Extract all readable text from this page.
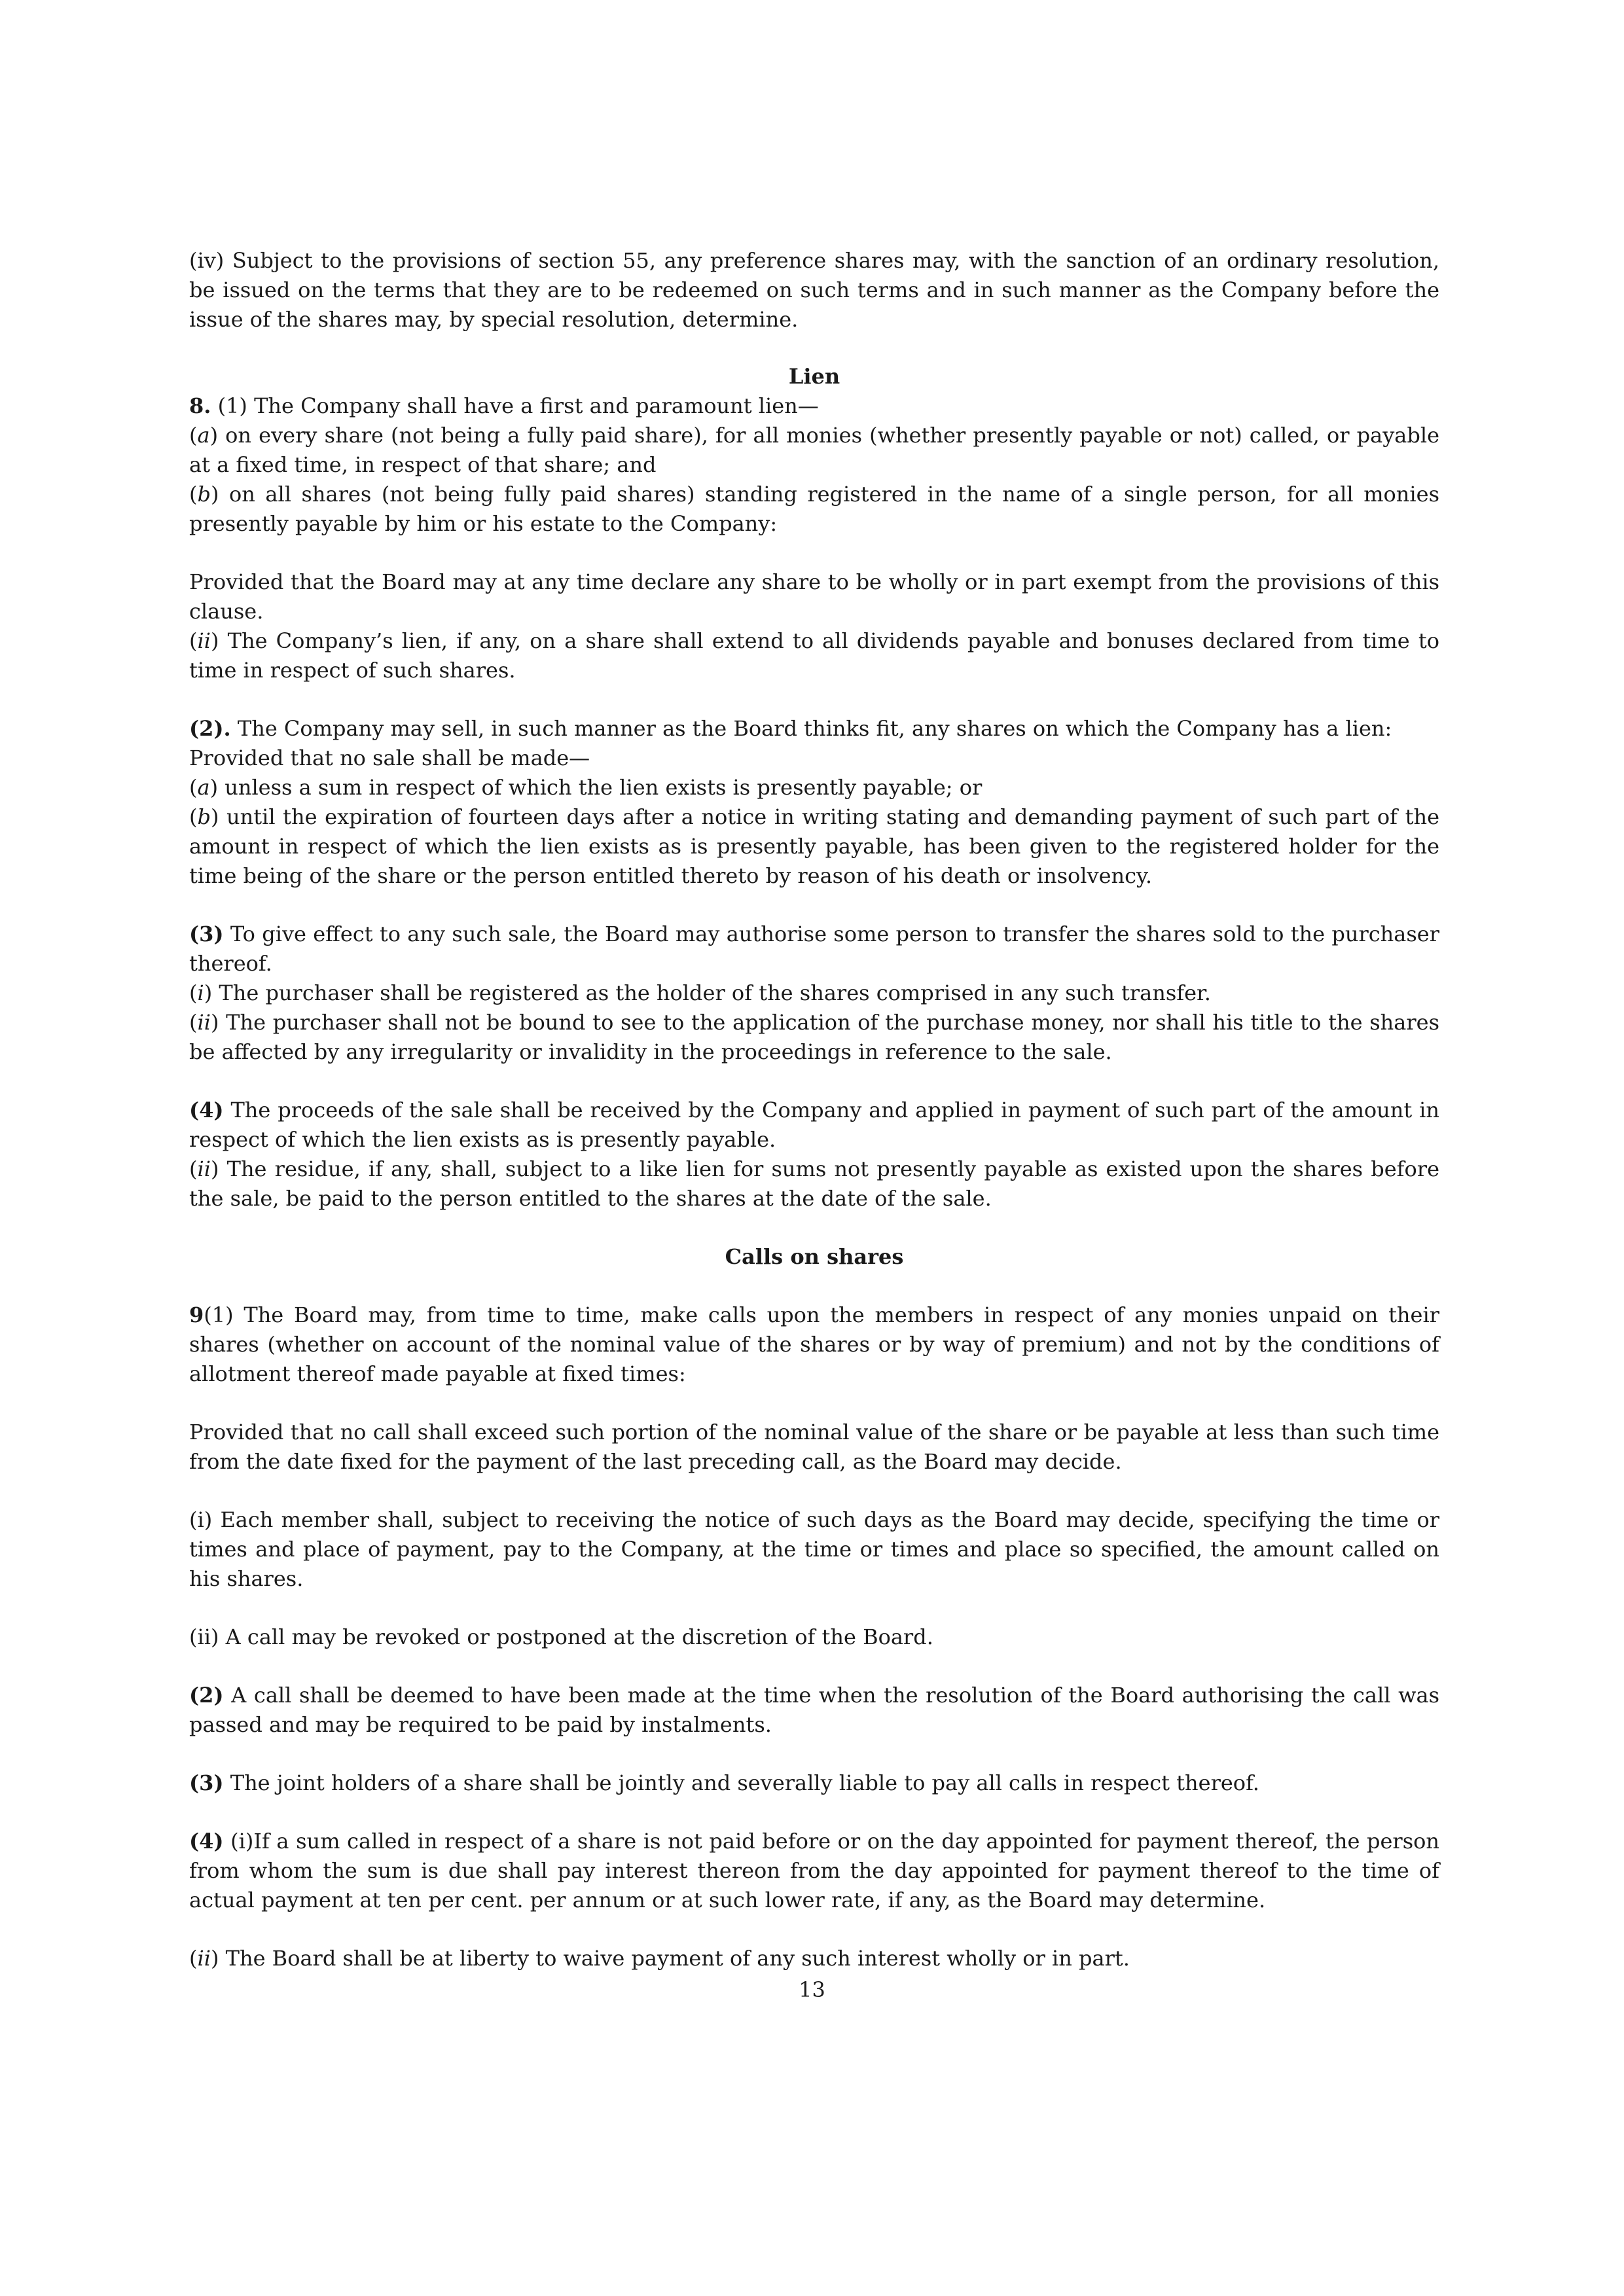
(iv) Subject to the provisions of section 55, any preference shares may, with the sanction of an ordinary resolution, be issued on the terms that they are to be redeemed on such terms and in such manner as the Company before the issue of the shares may, by special resolution, determine.

Lien

8. (1) The Company shall have a first and paramount lien—

(a) on every share (not being a fully paid share), for all monies (whether presently payable or not) called, or payable at a fixed time, in respect of that share; and

(b) on all shares (not being fully paid shares) standing registered in the name of a single person, for all monies presently payable by him or his estate to the Company:

Provided that the Board may at any time declare any share to be wholly or in part exempt from the provisions of this clause.

(ii) The Company’s lien, if any, on a share shall extend to all dividends payable and bonuses declared from time to time in respect of such shares.

(2). The Company may sell, in such manner as the Board thinks fit, any shares on which the Company has a lien:

Provided that no sale shall be made—

(a) unless a sum in respect of which the lien exists is presently payable; or

(b) until the expiration of fourteen days after a notice in writing stating and demanding payment of such part of the amount in respect of which the lien exists as is presently payable, has been given to the registered holder for the time being of the share or the person entitled thereto by reason of his death or insolvency.

(3) To give effect to any such sale, the Board may authorise some person to transfer the shares sold to the purchaser thereof.

(i) The purchaser shall be registered as the holder of the shares comprised in any such transfer.

(ii) The purchaser shall not be bound to see to the application of the purchase money, nor shall his title to the shares be affected by any irregularity or invalidity in the proceedings in reference to the sale.

(4) The proceeds of the sale shall be received by the Company and applied in payment of such part of the amount in respect of which the lien exists as is presently payable.

(ii) The residue, if any, shall, subject to a like lien for sums not presently payable as existed upon the shares before the sale, be paid to the person entitled to the shares at the date of the sale.

Calls on shares

9(1) The Board may, from time to time, make calls upon the members in respect of any monies unpaid on their shares (whether on account of the nominal value of the shares or by way of premium) and not by the conditions of allotment thereof made payable at fixed times:

Provided that no call shall exceed such portion of the nominal value of the share or be payable at less than such time from the date fixed for the payment of the last preceding call, as the Board may decide.

(i) Each member shall, subject to receiving the notice of such days as the Board may decide, specifying the time or times and place of payment, pay to the Company, at the time or times and place so specified, the amount called on his shares.

(ii) A call may be revoked or postponed at the discretion of the Board.

(2) A call shall be deemed to have been made at the time when the resolution of the Board authorising the call was passed and may be required to be paid by instalments.

(3) The joint holders of a share shall be jointly and severally liable to pay all calls in respect thereof.

(4) (i)If a sum called in respect of a share is not paid before or on the day appointed for payment thereof, the person from whom the sum is due shall pay interest thereon from the day appointed for payment thereof to the time of actual payment at ten per cent. per annum or at such lower rate, if any, as the Board may determine.

(ii) The Board shall be at liberty to waive payment of any such interest wholly or in part.

13
